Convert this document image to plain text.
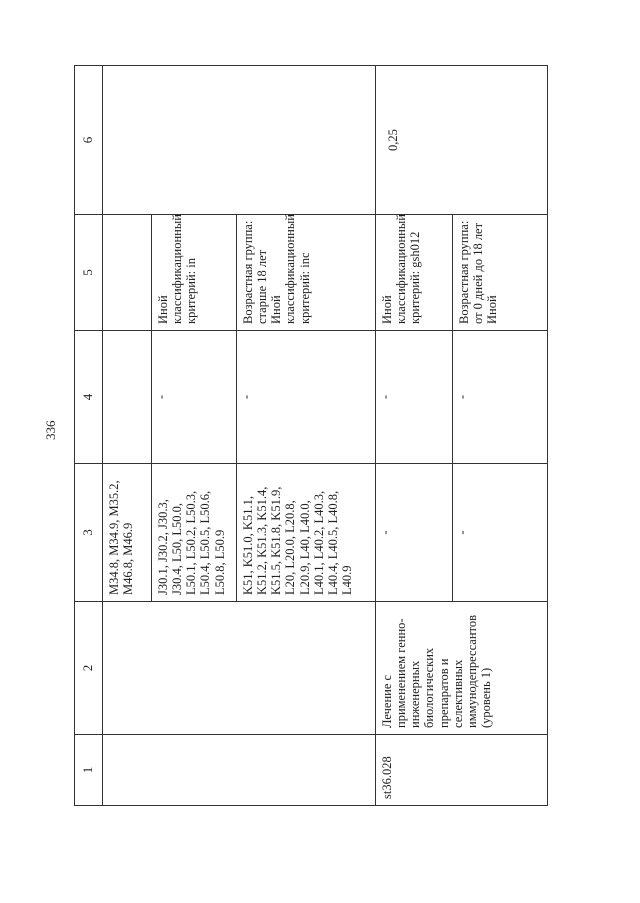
336
1	2	3	4	5	6

		M34.8, M34.9, M35.2, M46.8, M46.9			

		J30.1, J30.2, J30.3, J30.4, L50, L50.0, L50.1, L50.2, L50.3, L50.4, L50.5, L50.6, L50.8, L50.9	-	Иной классификационный критерий: in	

		K51, K51.0, K51.1, K51.2, K51.3, K51.4, K51.5, K51.8, K51.9, L20, L20.0, L20.8, L20.9, L40, L40.0, L40.1, L40.2, L40.3, L40.4, L40.5, L40.8, L40.9	-	Возрастная группа: старше 18 лет Иной классификационный критерий: inc	

st36.028	Лечение с применением генно-инженерных биологических препаратов и селективных иммунодепрессантов (уровень 1)	-	-	Иной классификационный критерий: gsh012	0,25

		-	-	Возрастная группа: от 0 дней до 18 лет Иной	
